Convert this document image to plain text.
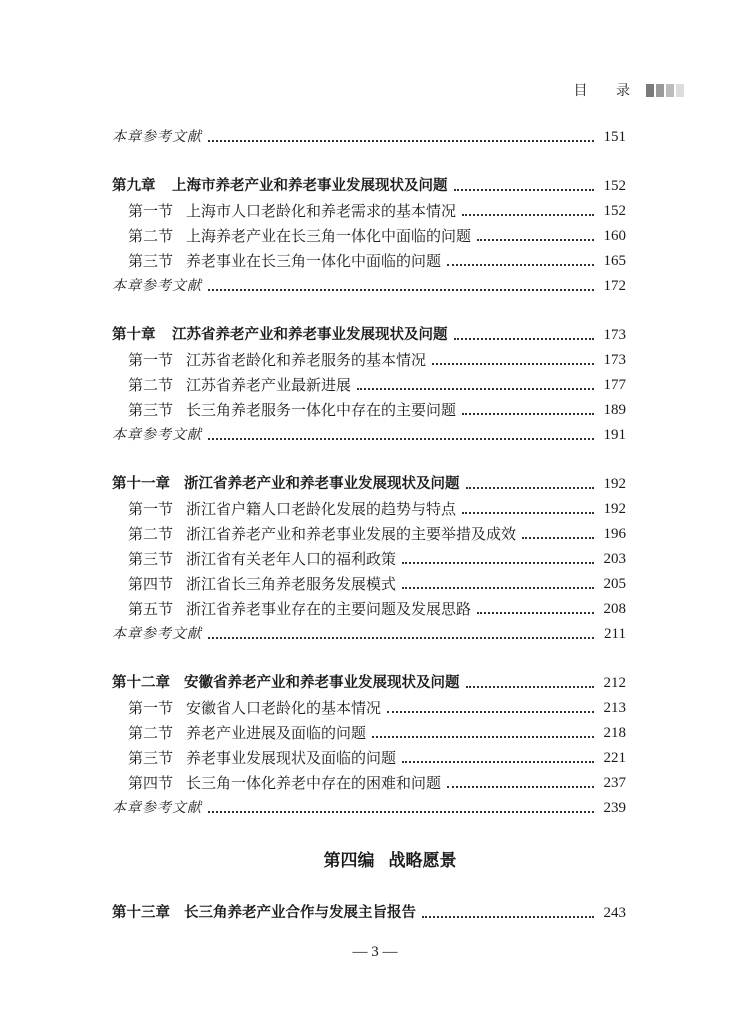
目 录
本章参考文献	151
第九章 上海市养老产业和养老事业发展现状及问题	152
第一节 上海市人口老龄化和养老需求的基本情况	152
第二节 上海养老产业在长三角一体化中面临的问题	160
第三节 养老事业在长三角一体化中面临的问题	165
本章参考文献	172
第十章 江苏省养老产业和养老事业发展现状及问题	173
第一节 江苏省老龄化和养老服务的基本情况	173
第二节 江苏省养老产业最新进展	177
第三节 长三角养老服务一体化中存在的主要问题	189
本章参考文献	191
第十一章 浙江省养老产业和养老事业发展现状及问题	192
第一节 浙江省户籍人口老龄化发展的趋势与特点	192
第二节 浙江省养老产业和养老事业发展的主要举措及成效	196
第三节 浙江省有关老年人口的福利政策	203
第四节 浙江省长三角养老服务发展模式	205
第五节 浙江省养老事业存在的主要问题及发展思路	208
本章参考文献	211
第十二章 安徽省养老产业和养老事业发展现状及问题	212
第一节 安徽省人口老龄化的基本情况	213
第二节 养老产业进展及面临的问题	218
第三节 养老事业发展现状及面临的问题	221
第四节 长三角一体化养老中存在的困难和问题	237
本章参考文献	239
第四编 战略愿景
第十三章 长三角养老产业合作与发展主旨报告	243
— 3 —
